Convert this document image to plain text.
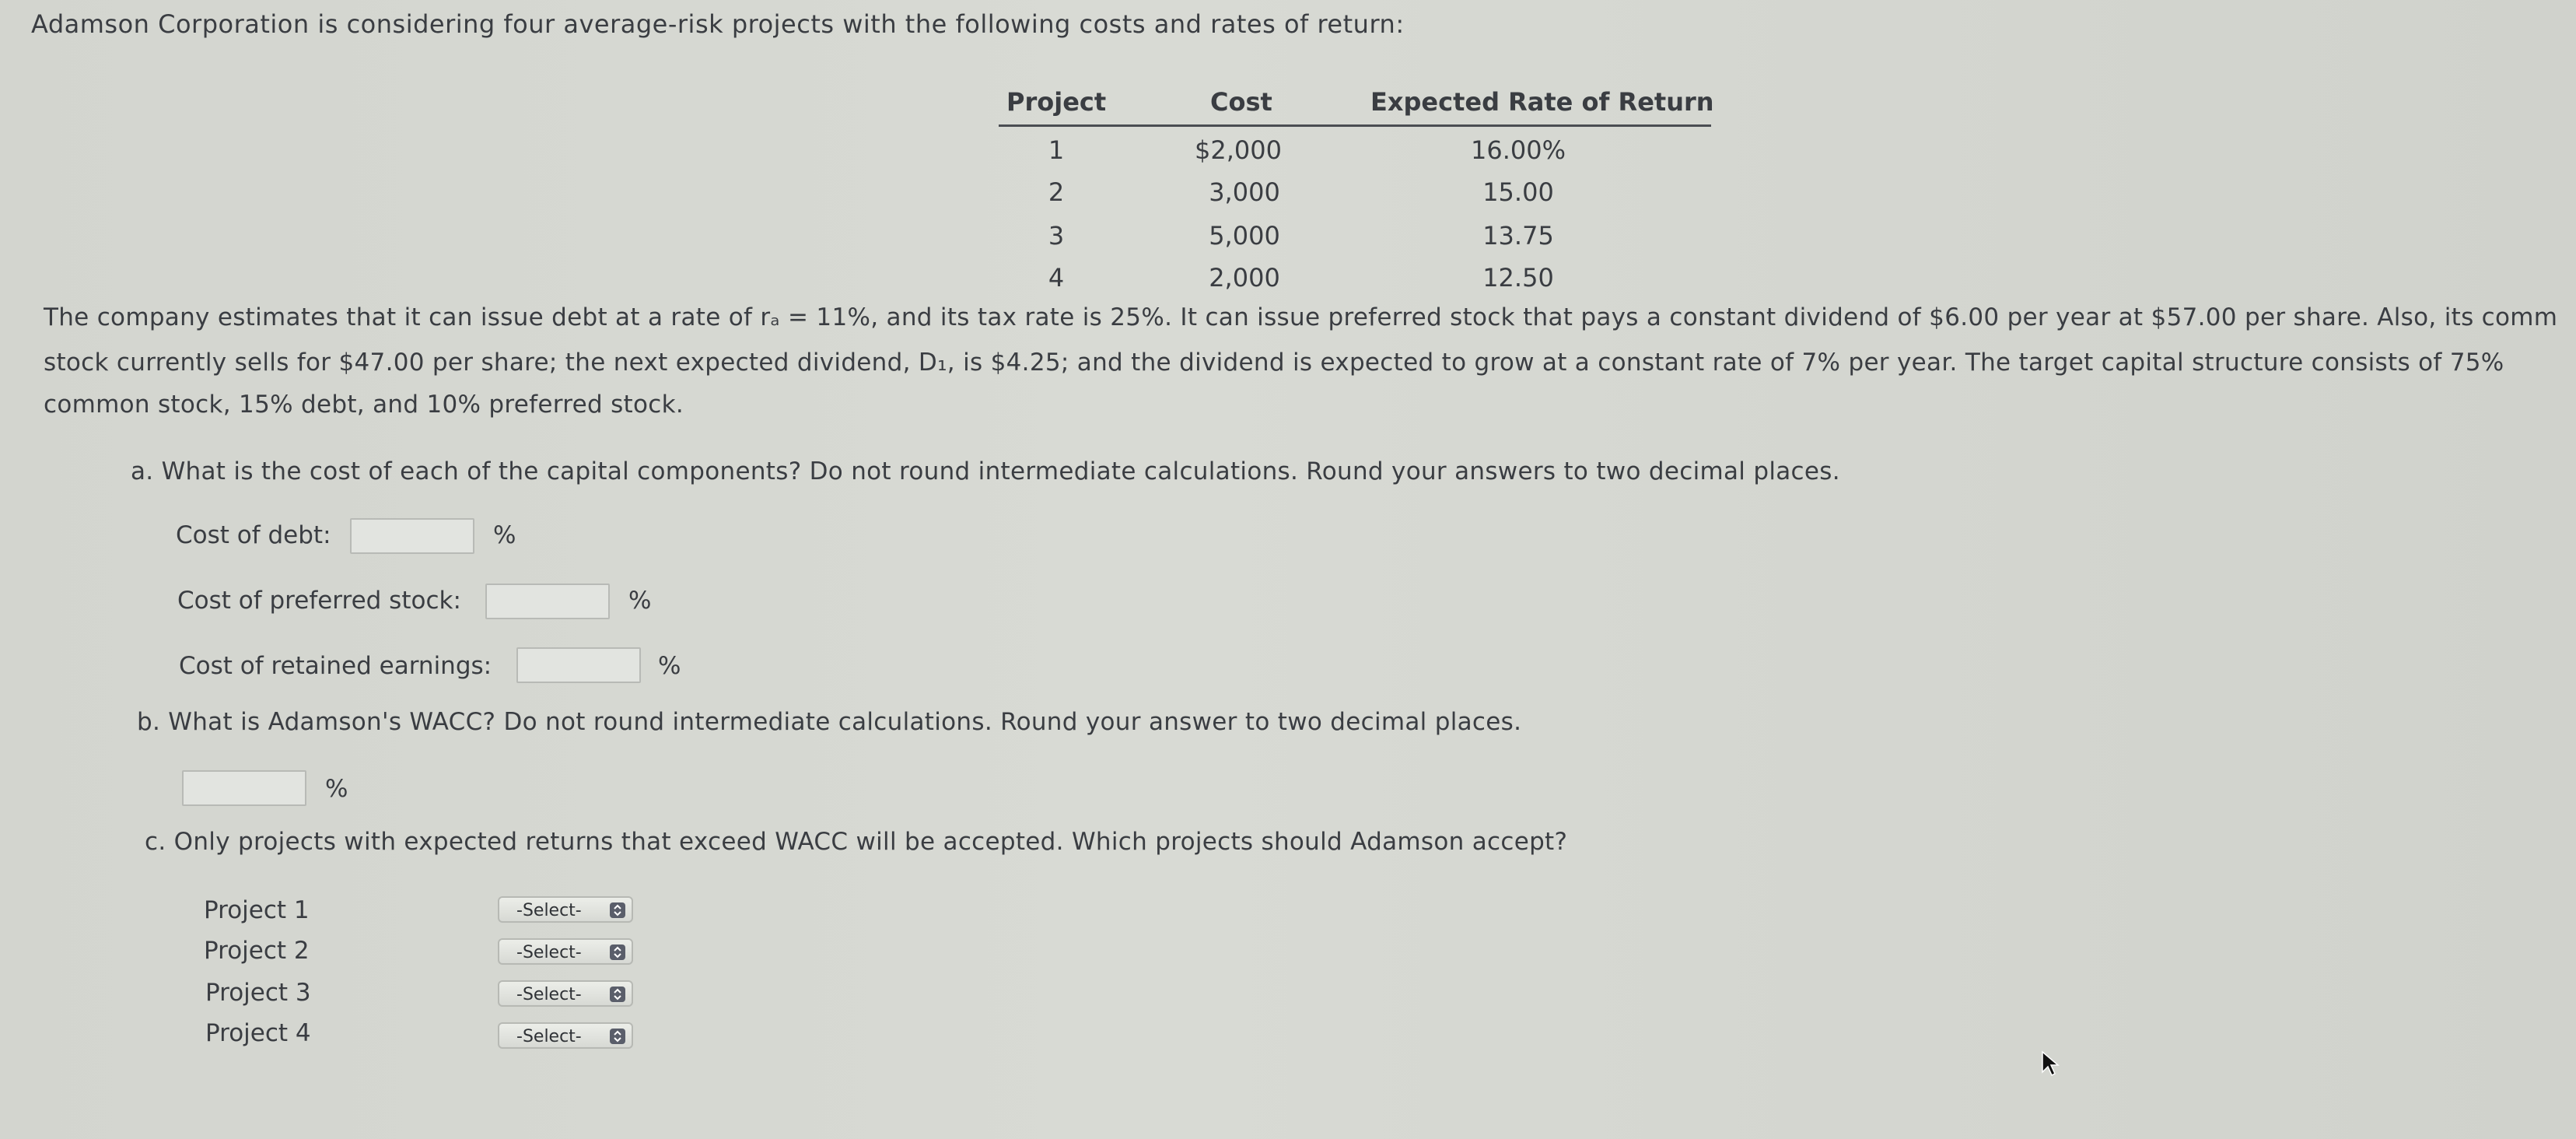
Adamson Corporation is considering four average-risk projects with the following costs and rates of return:
Project	Cost	Expected Rate of Return
1	$2,000	16.00%
2	3,000	15.00
3	5,000	13.75
4	2,000	12.50
The company estimates that it can issue debt at a rate of rₐ = 11%, and its tax rate is 25%. It can issue preferred stock that pays a constant dividend of $6.00 per year at $57.00 per share. Also, its comm
stock currently sells for $47.00 per share; the next expected dividend, D₁, is $4.25; and the dividend is expected to grow at a constant rate of 7% per year. The target capital structure consists of 75%
common stock, 15% debt, and 10% preferred stock.
a. What is the cost of each of the capital components? Do not round intermediate calculations. Round your answers to two decimal places.
Cost of debt:	%
Cost of preferred stock:	%
Cost of retained earnings:	%
b. What is Adamson's WACC? Do not round intermediate calculations. Round your answer to two decimal places.
%
c. Only projects with expected returns that exceed WACC will be accepted. Which projects should Adamson accept?
Project 1	-Select-
Project 2	-Select-
Project 3	-Select-
Project 4	-Select-
